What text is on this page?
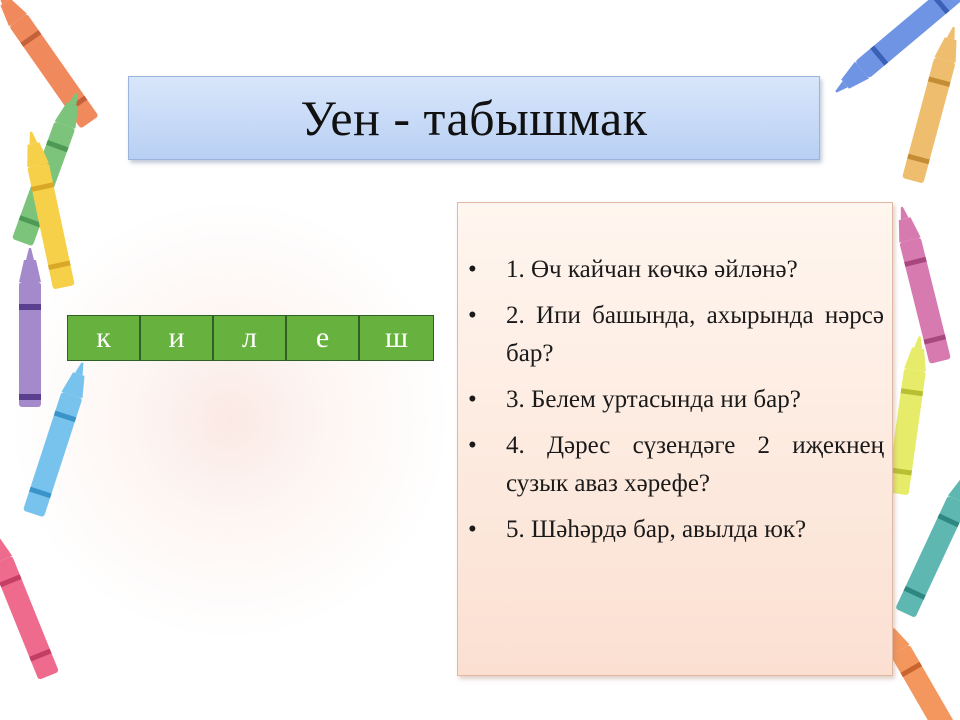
Уен - табышмак
к	и	л	е	ш
•	1. Өч кайчан көчкә әйләнә?
•	2. Ипи башында, ахырында нәрсә бар?
•	3. Белем уртасында ни бар?
•	4. Дәрес сүзендәге 2 иҗекнең сузык аваз хәрефе?
•	5. Шәһәрдә бар, авылда юк?
